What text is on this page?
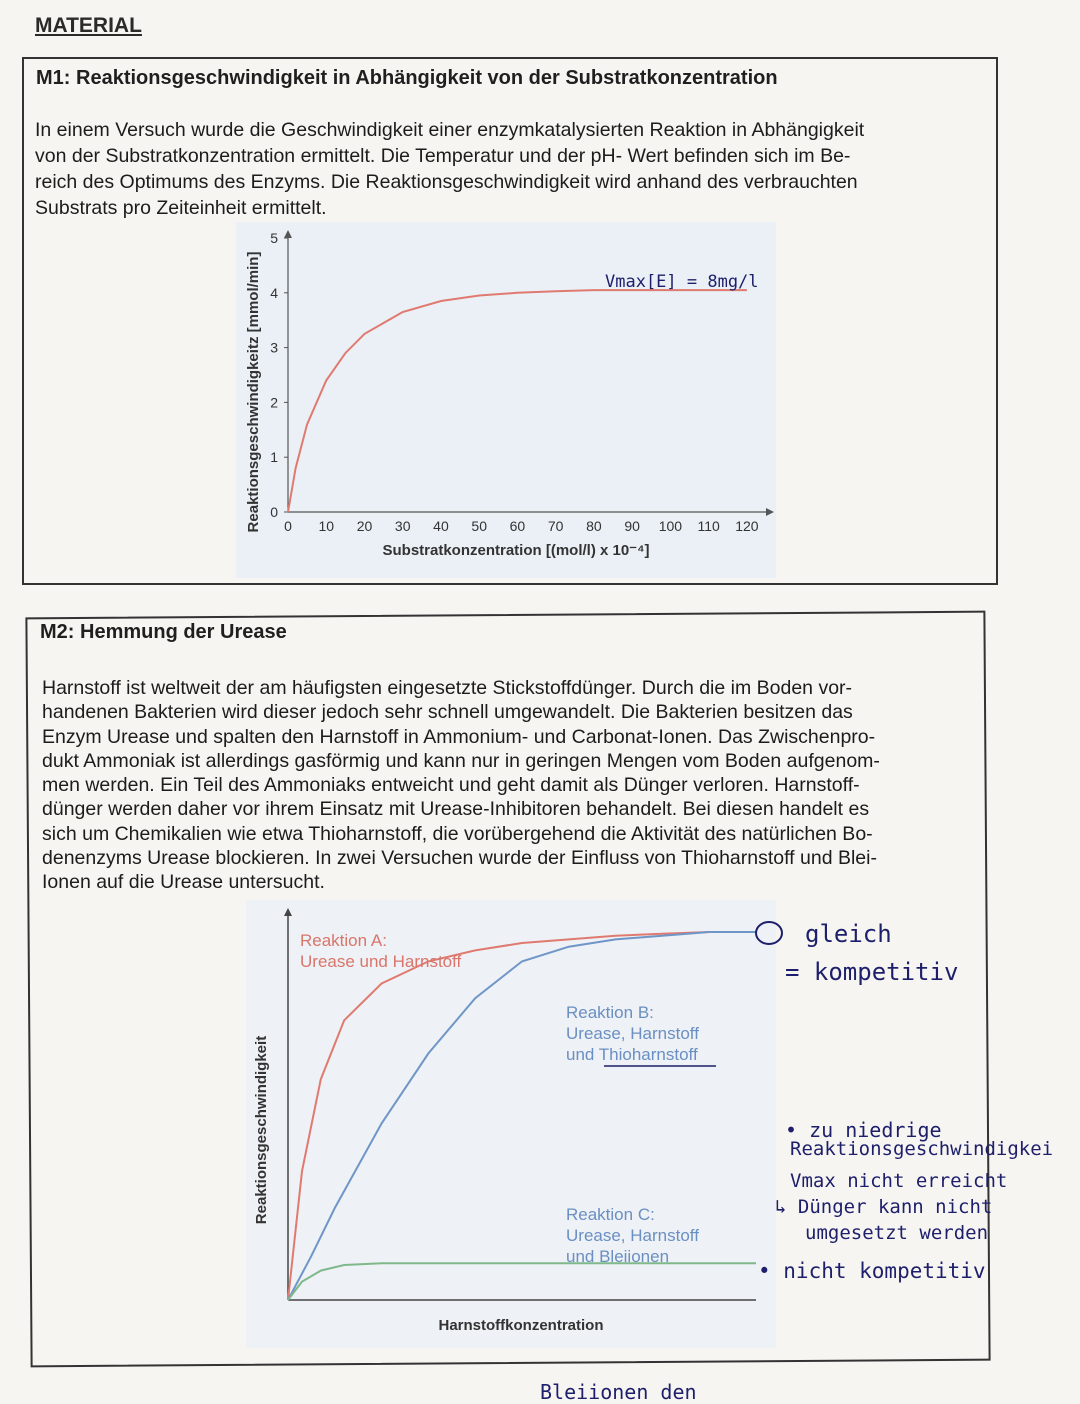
MATERIAL
M1: Reaktionsgeschwindigkeit in Abhängigkeit von der Substratkonzentration
In einem Versuch wurde die Geschwindigkeit einer enzymkatalysierten Reaktion in Abhängigkeit
von der Substratkonzentration ermittelt. Die Temperatur und der pH- Wert befinden sich im Be-
reich des Optimums des Enzyms. Die Reaktionsgeschwindigkeit wird anhand des verbrauchten
Substrats pro Zeiteinheit ermittelt.
0 10 20 30 40 50 60 70 80 90 100 110 120
0
1
2
3
4
5
Substratkonzentration [(mol/l) x 10⁻⁴]
Reaktionsgeschwindigkeitz [mmol/min]	Vmax[E] = 8mg/l
M2: Hemmung der Urease
Harnstoff ist weltweit der am häufigsten eingesetzte Stickstoffdünger. Durch die im Boden vor-
handenen Bakterien wird dieser jedoch sehr schnell umgewandelt. Die Bakterien besitzen das
Enzym Urease und spalten den Harnstoff in Ammonium- und Carbonat-Ionen. Das Zwischenpro-
dukt Ammoniak ist allerdings gasförmig und kann nur in geringen Mengen vom Boden aufgenom-
men werden. Ein Teil des Ammoniaks entweicht und geht damit als Dünger verloren. Harnstoff-
dünger werden daher vor ihrem Einsatz mit Urease-Inhibitoren behandelt. Bei diesen handelt es
sich um Chemikalien wie etwa Thioharnstoff, die vorübergehend die Aktivität des natürlichen Bo-
denenzyms Urease blockieren. In zwei Versuchen wurde der Einfluss von Thioharnstoff und Blei-
Ionen auf die Urease untersucht.
Reaktion A:
Urease und Harnstoff
Reaktion B:
Urease, Harnstoff
und Thioharnstoff
Reaktion C:
Urease, Harnstoff
und Bleiionen
Harnstoffkonzentration
Reaktionsgeschwindigkeit
gleich
= kompetitiv
• zu niedrige
Reaktionsgeschwindigkei
Vmax nicht erreicht
↳ Dünger kann nicht
umgesetzt werden
• nicht kompetitiv
Bleiionen den
